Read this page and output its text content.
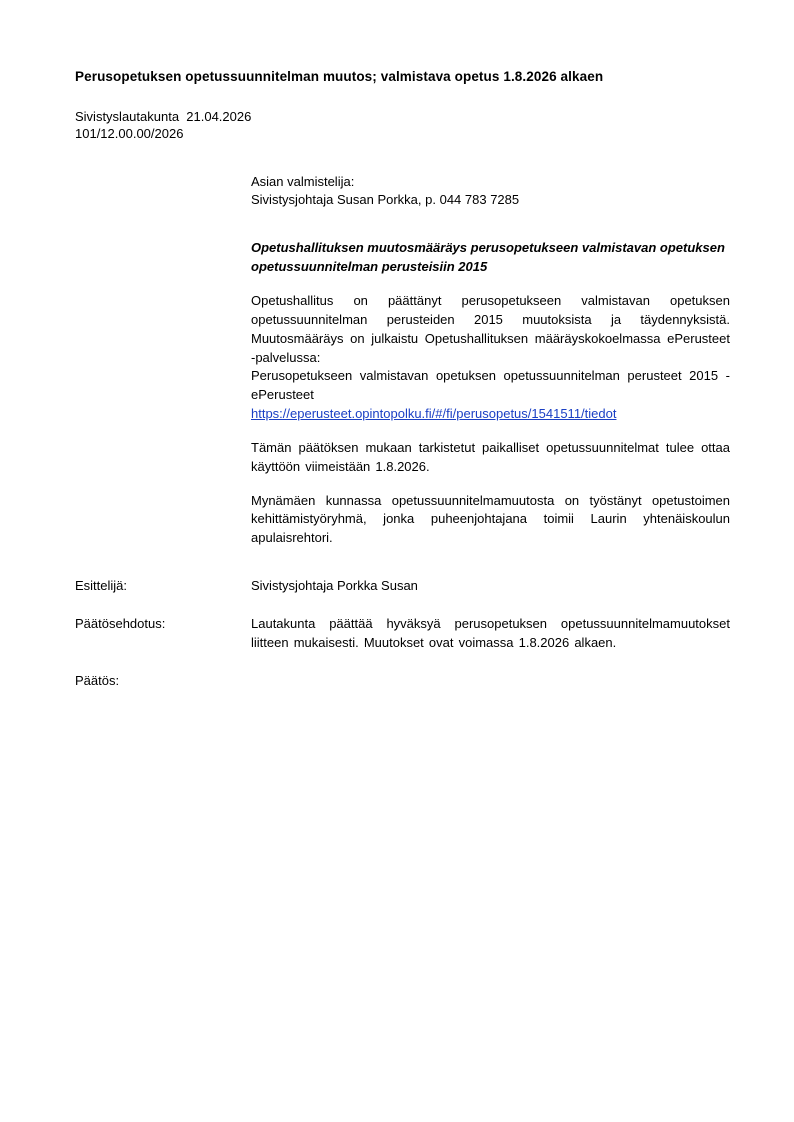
Perusopetuksen opetussuunnitelman muutos; valmistava opetus 1.8.2026 alkaen
Sivistyslautakunta  21.04.2026
101/12.00.00/2026
Asian valmistelija:
Sivistysjohtaja Susan Porkka, p. 044 783 7285
Opetushallituksen muutosmääräys perusopetukseen valmistavan opetuksen opetussuunnitelman perusteisiin 2015
Opetushallitus on päättänyt perusopetukseen valmistavan opetuksen opetussuunnitelman perusteiden 2015 muutoksista ja täydennyksistä. Muutosmääräys on julkaistu Opetushallituksen määräyskokoelmassa ePerusteet -palvelussa:
Perusopetukseen valmistavan opetuksen opetussuunnitelman perusteet 2015 - ePerusteet
https://eperusteet.opintopolku.fi/#/fi/perusopetus/1541511/tiedot
Tämän päätöksen mukaan tarkistetut paikalliset opetussuunnitelmat tulee ottaa käyttöön viimeistään 1.8.2026.
Mynämäen kunnassa opetussuunnitelmamuutosta on työstänyt opetustoimen kehittämistyöryhmä, jonka puheenjohtajana toimii Laurin yhtenäiskoulun apulaisrehtori.
Esittelijä:	Sivistysjohtaja Porkka Susan
Päätösehdotus:	Lautakunta päättää hyväksyä perusopetuksen opetussuunnitelmamuutokset liitteen mukaisesti. Muutokset ovat voimassa 1.8.2026 alkaen.
Päätös:
